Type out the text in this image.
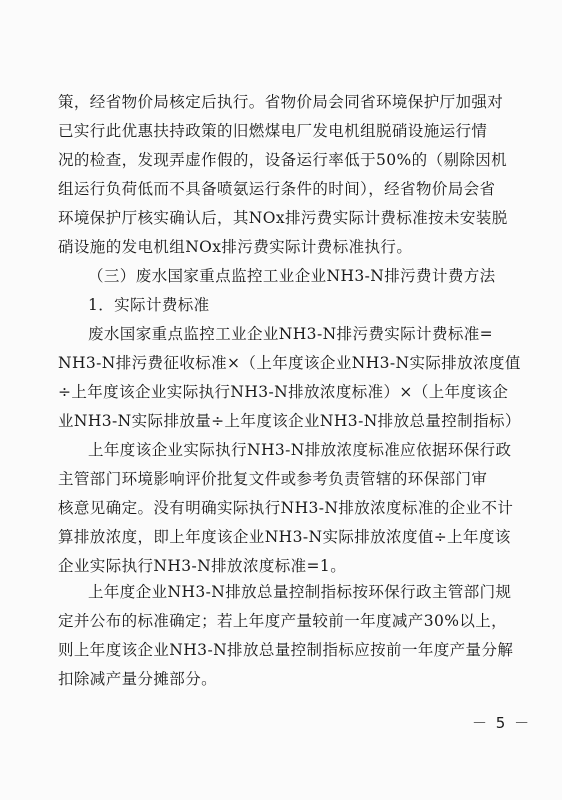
策，经省物价局核定后执行。省物价局会同省环境保护厅加强对
已实行此优惠扶持政策的旧燃煤电厂发电机组脱硝设施运行情
况的检查，发现弄虚作假的，设备运行率低于50%的（剔除因机
组运行负荷低而不具备喷氨运行条件的时间），经省物价局会省
环境保护厅核实确认后，其NOx排污费实际计费标准按未安装脱
硝设施的发电机组NOx排污费实际计费标准执行。
（三）废水国家重点监控工业企业NH3-N排污费计费方法
1．实际计费标准
废水国家重点监控工业企业NH3-N排污费实际计费标准=
NH3-N排污费征收标准×（上年度该企业NH3-N实际排放浓度值
÷上年度该企业实际执行NH3-N排放浓度标准）×（上年度该企
业NH3-N实际排放量÷上年度该企业NH3-N排放总量控制指标）
上年度该企业实际执行NH3-N排放浓度标准应依据环保行政
主管部门环境影响评价批复文件或参考负责管辖的环保部门审
核意见确定。没有明确实际执行NH3-N排放浓度标准的企业不计
算排放浓度，即上年度该企业NH3-N实际排放浓度值÷上年度该
企业实际执行NH3-N排放浓度标准=1。
上年度企业NH3-N排放总量控制指标按环保行政主管部门规
定并公布的标准确定；若上年度产量较前一年度减产30%以上，
则上年度该企业NH3-N排放总量控制指标应按前一年度产量分解
扣除减产量分摊部分。
－ 5 －
